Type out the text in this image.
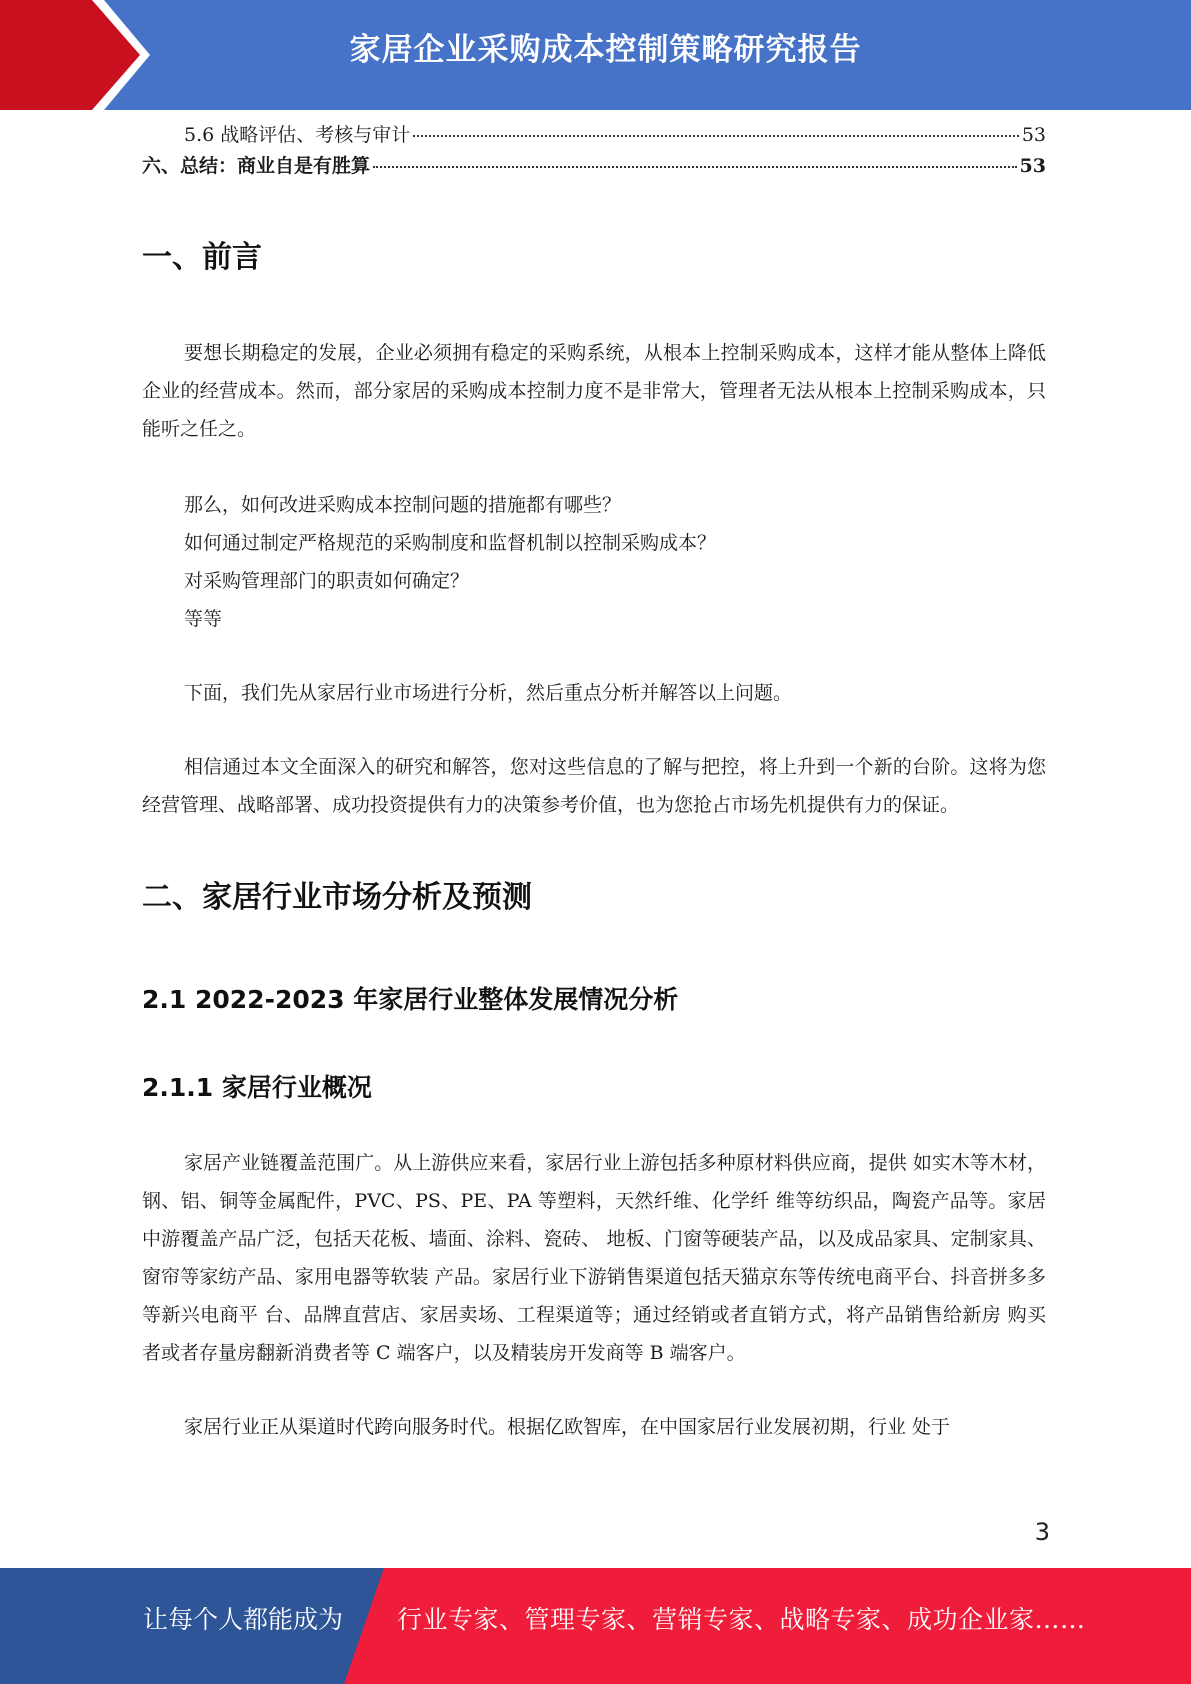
家居企业采购成本控制策略研究报告
5.6 战略评估、考核与审计	53
六、总结：商业自是有胜算	53
一、前言

要想长期稳定的发展，企业必须拥有稳定的采购系统，从根本上控制采购成本，这样才能从整体上降低企业的经营成本。然而，部分家居的采购成本控制力度不是非常大，管理者无法从根本上控制采购成本，只能听之任之。

那么，如何改进采购成本控制问题的措施都有哪些？
如何通过制定严格规范的采购制度和监督机制以控制采购成本？
对采购管理部门的职责如何确定？
等等

下面，我们先从家居行业市场进行分析，然后重点分析并解答以上问题。

相信通过本文全面深入的研究和解答，您对这些信息的了解与把控，将上升到一个新的台阶。这将为您经营管理、战略部署、成功投资提供有力的决策参考价值，也为您抢占市场先机提供有力的保证。

二、家居行业市场分析及预测
2.1 2022-2023 年家居行业整体发展情况分析
2.1.1 家居行业概况

家居产业链覆盖范围广。从上游供应来看，家居行业上游包括多种原材料供应商，提供 如实木等木材，钢、铝、铜等金属配件，PVC、PS、PE、PA 等塑料，天然纤维、化学纤 维等纺织品，陶瓷产品等。家居中游覆盖产品广泛，包括天花板、墙面、涂料、瓷砖、 地板、门窗等硬装产品，以及成品家具、定制家具、窗帘等家纺产品、家用电器等软装 产品。家居行业下游销售渠道包括天猫京东等传统电商平台、抖音拼多多等新兴电商平 台、品牌直营店、家居卖场、工程渠道等；通过经销或者直销方式，将产品销售给新房 购买者或者存量房翻新消费者等 C 端客户，以及精装房开发商等 B 端客户。

家居行业正从渠道时代跨向服务时代。根据亿欧智库，在中国家居行业发展初期，行业 处于

3
让每个人都能成为 行业专家、管理专家、营销专家、战略专家、成功企业家……
